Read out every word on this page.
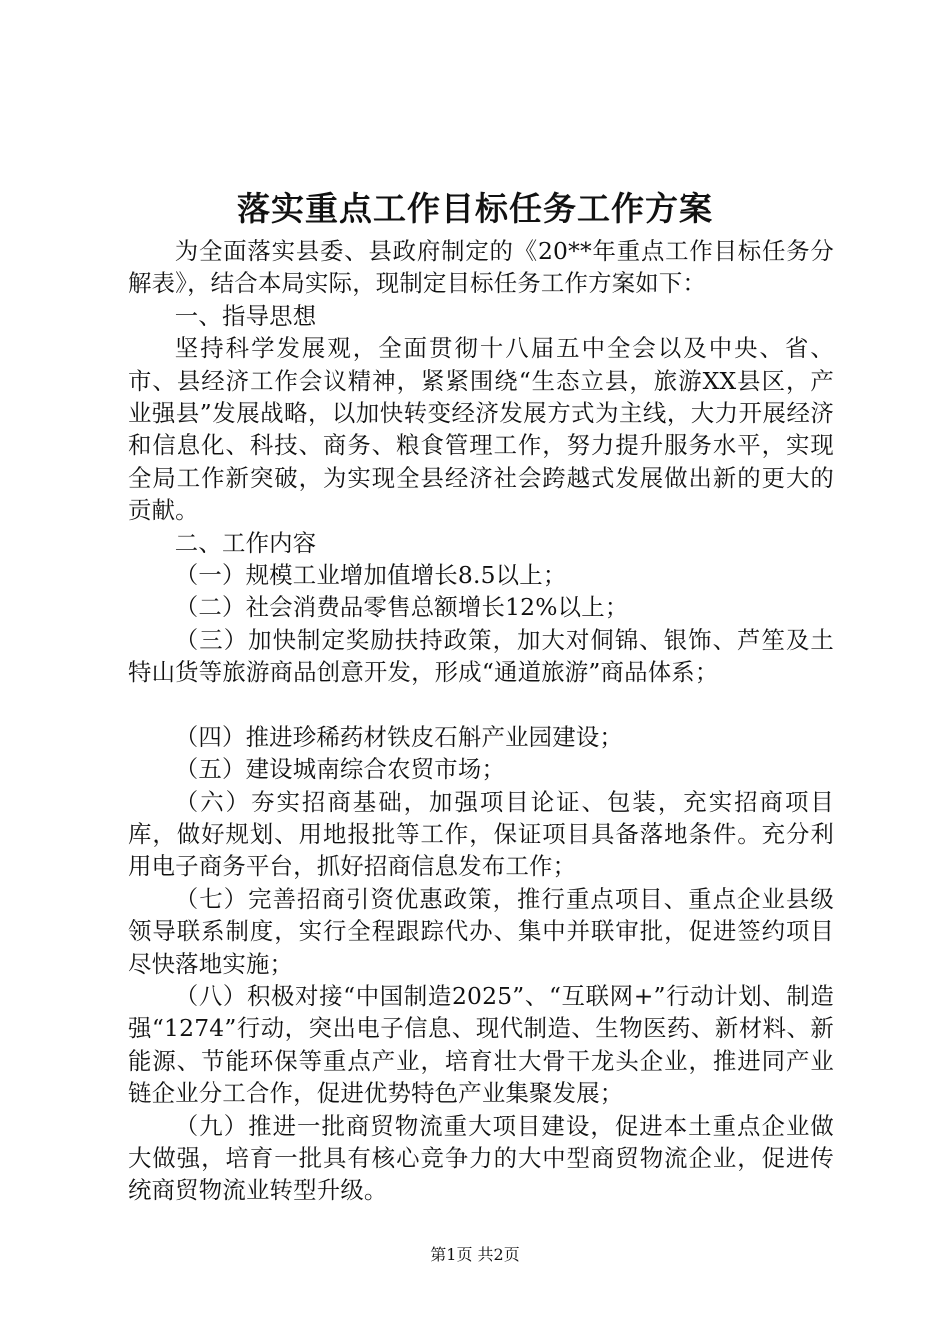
落实重点工作目标任务工作方案

为全面落实县委、县政府制定的《20**年重点工作目标任务分解表》，结合本局实际，现制定目标任务工作方案如下：

一、指导思想

坚持科学发展观，全面贯彻十八届五中全会以及中央、省、市、县经济工作会议精神，紧紧围绕“生态立县，旅游XX县区，产业强县”发展战略，以加快转变经济发展方式为主线，大力开展经济和信息化、科技、商务、粮食管理工作，努力提升服务水平，实现全局工作新突破，为实现全县经济社会跨越式发展做出新的更大的贡献。

二、工作内容

（一）规模工业增加值增长8.5以上；

（二）社会消费品零售总额增长12%以上；

（三）加快制定奖励扶持政策，加大对侗锦、银饰、芦笙及土特山货等旅游商品创意开发，形成“通道旅游”商品体系；

（四）推进珍稀药材铁皮石斛产业园建设；

（五）建设城南综合农贸市场；

（六）夯实招商基础，加强项目论证、包装，充实招商项目库，做好规划、用地报批等工作，保证项目具备落地条件。充分利用电子商务平台，抓好招商信息发布工作；

（七）完善招商引资优惠政策，推行重点项目、重点企业县级领导联系制度，实行全程跟踪代办、集中并联审批，促进签约项目尽快落地实施；

（八）积极对接“中国制造2025”、“互联网+”行动计划、制造强“1274”行动，突出电子信息、现代制造、生物医药、新材料、新能源、节能环保等重点产业，培育壮大骨干龙头企业，推进同产业链企业分工合作，促进优势特色产业集聚发展；

（九）推进一批商贸物流重大项目建设，促进本土重点企业做大做强，培育一批具有核心竞争力的大中型商贸物流企业，促进传统商贸物流业转型升级。

第1页 共2页
